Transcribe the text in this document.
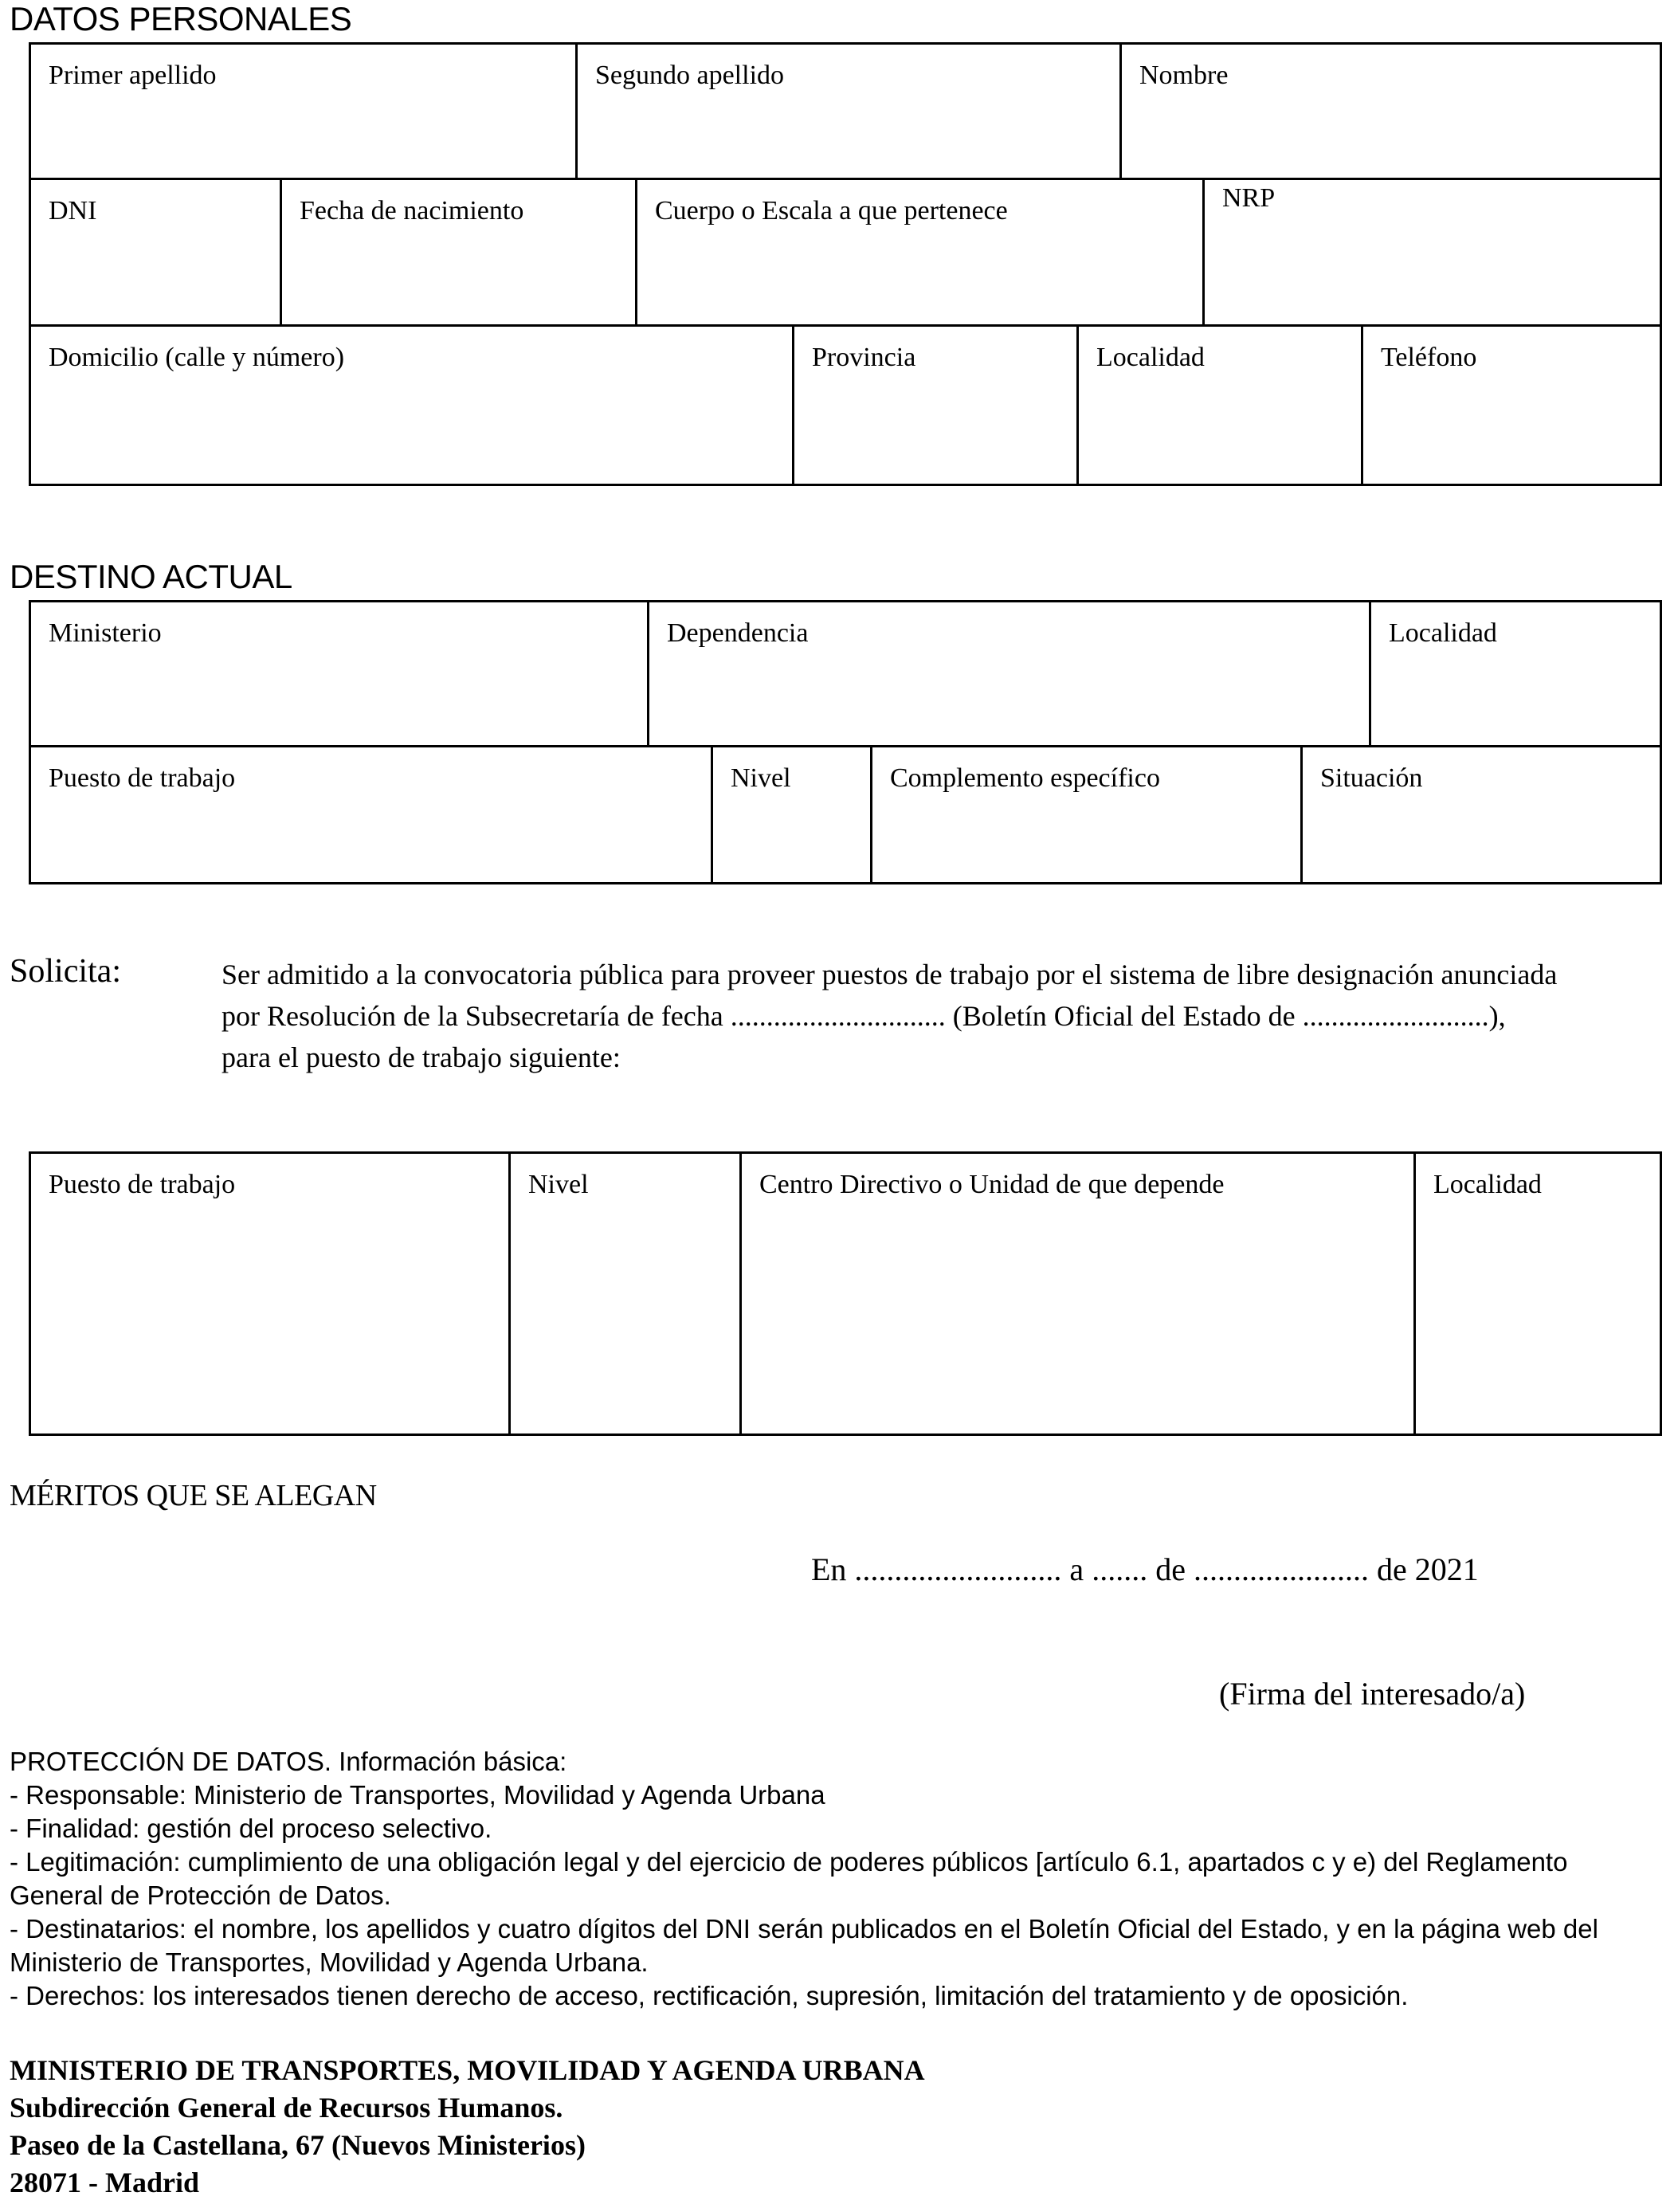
DATOS PERSONALES
Primer apellido	Segundo apellido	Nombre
DNI	Fecha de nacimiento	Cuerpo o Escala a que pertenece	NRP
Domicilio (calle y número)	Provincia	Localidad	Teléfono
DESTINO ACTUAL
Ministerio	Dependencia	Localidad
Puesto de trabajo	Nivel	Complemento específico	Situación
Solicita:	Ser admitido a la convocatoria pública para proveer puestos de trabajo por el sistema de libre designación anunciada

por Resolución de la Subsecretaría de fecha .............................. (Boletín Oficial del Estado de ..........................),

para el puesto de trabajo siguiente:

Puesto de trabajo	Nivel	Centro Directivo o Unidad de que depende	Localidad
MÉRITOS QUE SE ALEGAN
En .......................... a ....... de ...................... de 2021
(Firma del interesado/a)

PROTECCIÓN DE DATOS. Información básica:

- Responsable: Ministerio de Transportes, Movilidad y Agenda Urbana

- Finalidad: gestión del proceso selectivo.

- Legitimación: cumplimiento de una obligación legal y del ejercicio de poderes públicos [artículo 6.1, apartados c y e) del Reglamento General de Protección de Datos.

- Destinatarios: el nombre, los apellidos y cuatro dígitos del DNI serán publicados en el Boletín Oficial del Estado, y en la página web del Ministerio de Transportes, Movilidad y Agenda Urbana.

- Derechos: los interesados tienen derecho de acceso, rectificación, supresión, limitación del tratamiento y de oposición.

MINISTERIO DE TRANSPORTES, MOVILIDAD Y AGENDA URBANA

Subdirección General de Recursos Humanos.

Paseo de la Castellana, 67 (Nuevos Ministerios)

28071 - Madrid
